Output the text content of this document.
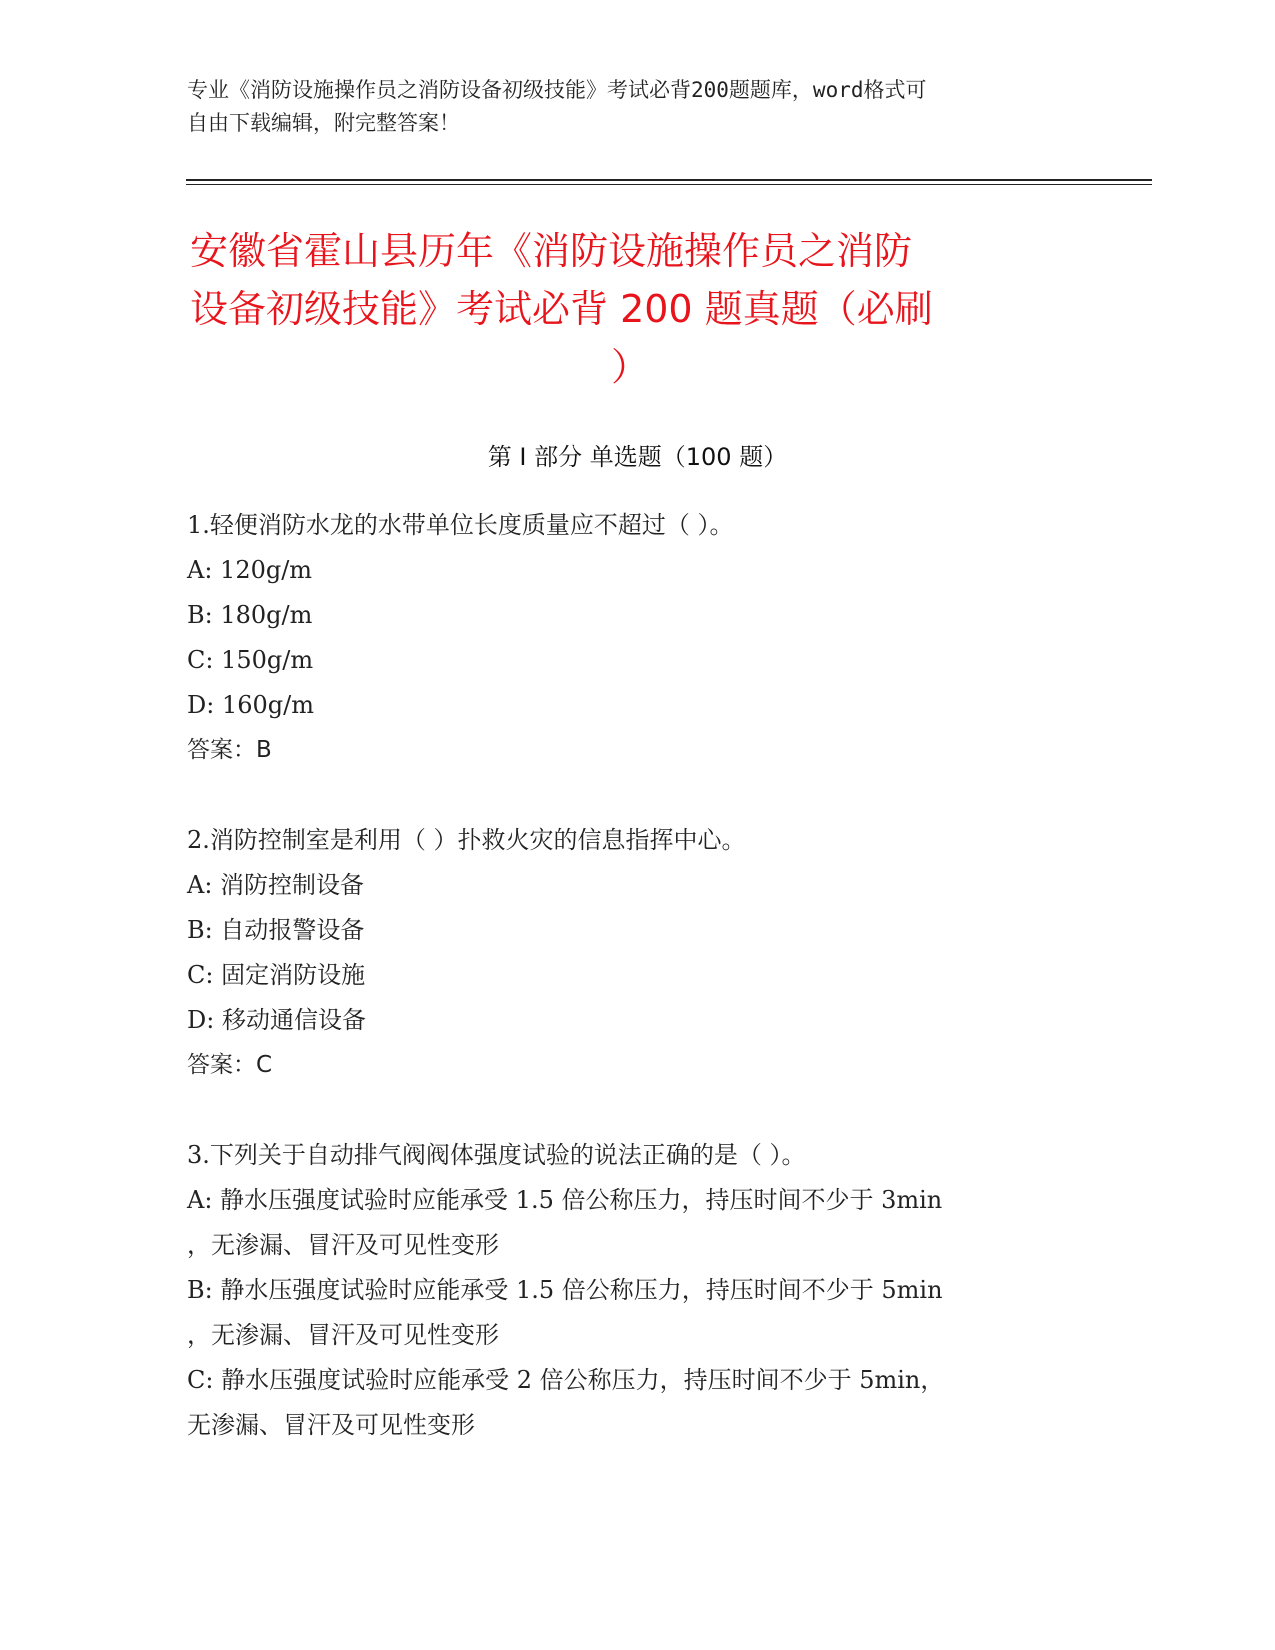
专业《消防设施操作员之消防设备初级技能》考试必背200题题库，word格式可
自由下载编辑，附完整答案！
安徽省霍山县历年《消防设施操作员之消防
设备初级技能》考试必背 200 题真题（必刷
）
第 I 部分 单选题（100 题）
1.轻便消防水龙的水带单位长度质量应不超过（ ）。
A: 120g/m
B: 180g/m
C: 150g/m
D: 160g/m
答案：B
2.消防控制室是利用（ ）扑救火灾的信息指挥中心。
A: 消防控制设备
B: 自动报警设备
C: 固定消防设施
D: 移动通信设备
答案：C
3.下列关于自动排气阀阀体强度试验的说法正确的是（ ）。
A: 静水压强度试验时应能承受 1.5 倍公称压力，持压时间不少于 3min
，无渗漏、冒汗及可见性变形
B: 静水压强度试验时应能承受 1.5 倍公称压力，持压时间不少于 5min
，无渗漏、冒汗及可见性变形
C: 静水压强度试验时应能承受 2 倍公称压力，持压时间不少于 5min，
无渗漏、冒汗及可见性变形
